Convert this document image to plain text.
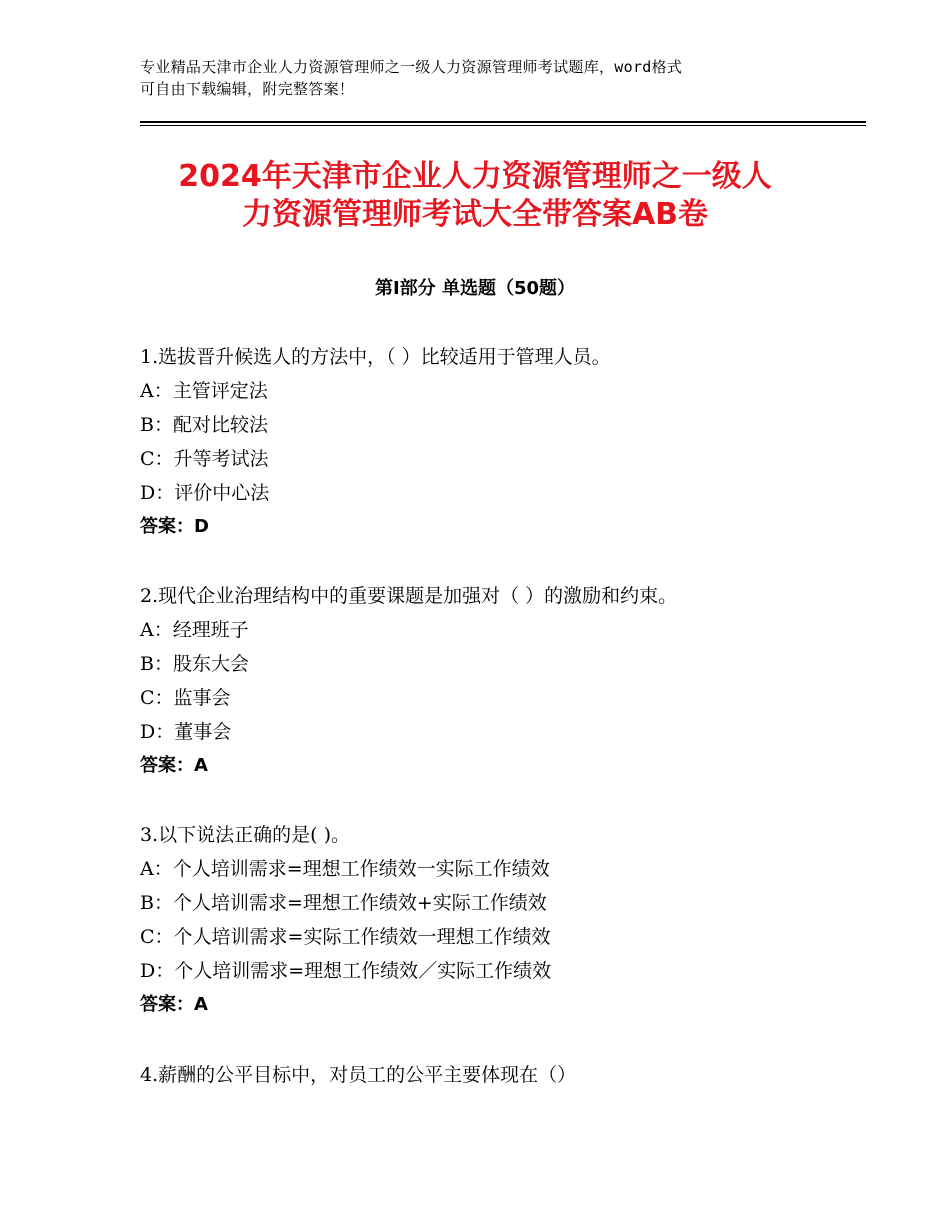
专业精品天津市企业人力资源管理师之一级人力资源管理师考试题库，word格式
可自由下载编辑，附完整答案！
2024年天津市企业人力资源管理师之一级人
力资源管理师考试大全带答案AB卷
第Ⅰ部分 单选题（50题）
1.选拔晋升候选人的方法中，（ ）比较适用于管理人员。
A：主管评定法
B：配对比较法
C：升等考试法
D：评价中心法
答案：D
2.现代企业治理结构中的重要课题是加强对（ ）的激励和约束。
A：经理班子
B：股东大会
C：监事会
D：董事会
答案：A
3.以下说法正确的是( )。
A：个人培训需求=理想工作绩效一实际工作绩效
B：个人培训需求=理想工作绩效+实际工作绩效
C：个人培训需求=实际工作绩效一理想工作绩效
D：个人培训需求=理想工作绩效／实际工作绩效
答案：A
4.薪酬的公平目标中，对员工的公平主要体现在（）
